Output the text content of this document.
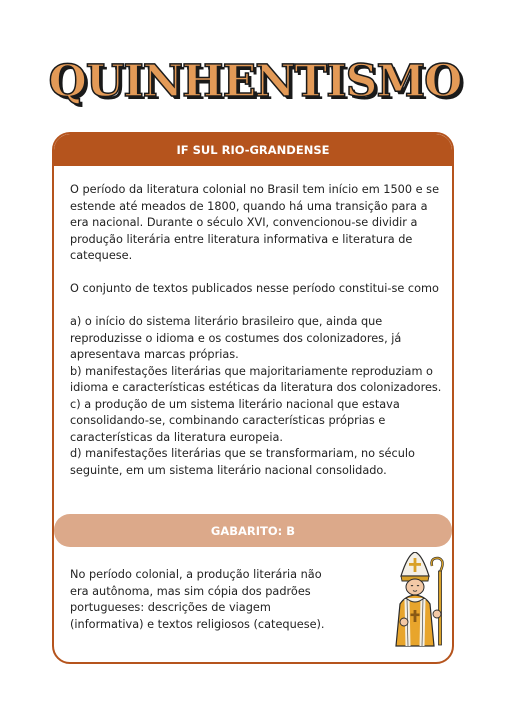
QUINHENTISMO
IF SUL RIO-GRANDENSE

O período da literatura colonial no Brasil tem início em 1500 e se estende até meados de 1800, quando há uma transição para a era nacional. Durante o século XVI, convencionou-se dividir a produção literária entre literatura informativa e literatura de catequese.

O conjunto de textos publicados nesse período constitui-se como

a) o início do sistema literário brasileiro que, ainda que reproduzisse o idioma e os costumes dos colonizadores, já apresentava marcas próprias.

b) manifestações literárias que majoritariamente reproduziam o idioma e características estéticas da literatura dos colonizadores.

c) a produção de um sistema literário nacional que estava consolidando-se, combinando características próprias e características da literatura europeia.

d) manifestações literárias que se transformariam, no século seguinte, em um sistema literário nacional consolidado.

GABARITO: B
No período colonial, a produção literária não era autônoma, mas sim cópia dos padrões portugueses: descrições de viagem (informativa) e textos religiosos (catequese).
